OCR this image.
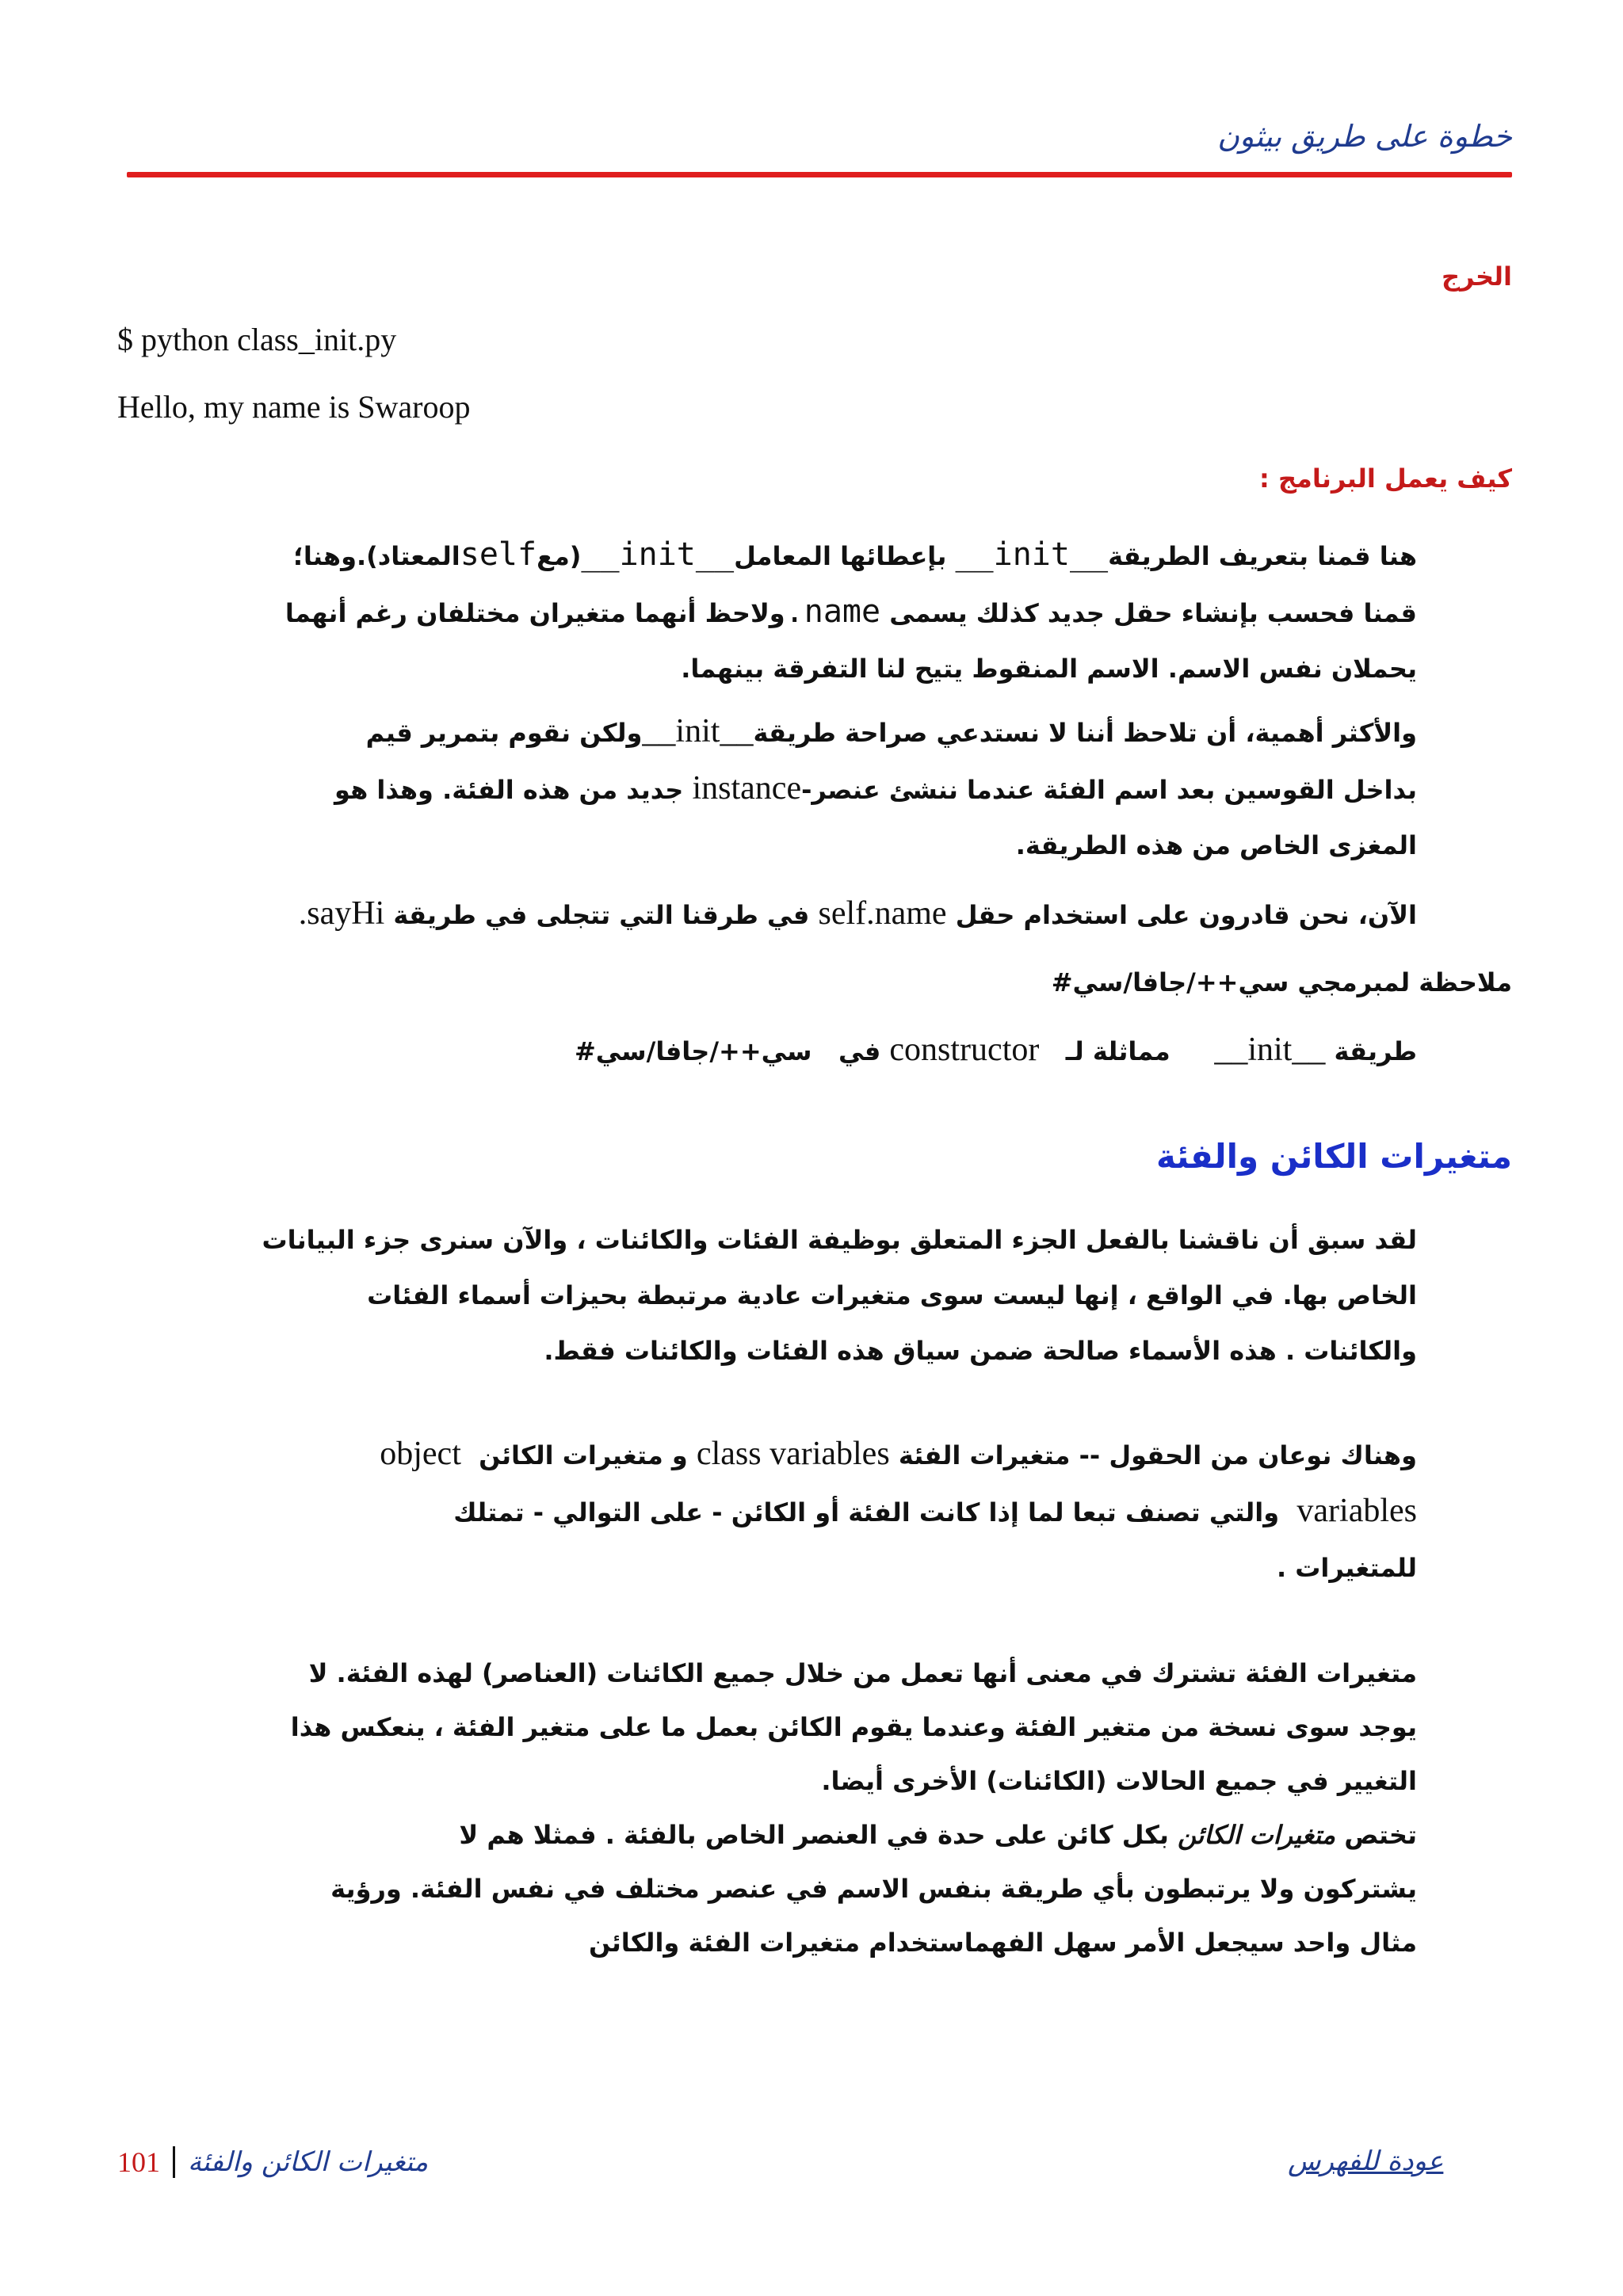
خطوة على طريق بيثون
الخرج
$ python class_init.py
Hello, my name is Swaroop
كيف يعمل البرنامج :
هنا قمنا بتعريف الطريقة__init__ بإعطائها المعامل__init__(معselfالمعتاد).وهنا؛
قمنا فحسب بإنشاء حقل جديد كذلك يسمى name.ولاحظ أنهما متغيران مختلفان رغم أنهما
يحملان نفس الاسم. الاسم المنقوط يتيح لنا التفرقة بينهما.
والأكثر أهمية، أن تلاحظ أننا لا نستدعي صراحة طريقة__init__ولكن نقوم بتمرير قيم
بداخل القوسين بعد اسم الفئة عندما ننشئ عنصر-instance جديد من هذه الفئة. وهذا هو
المغزى الخاص من هذه الطريقة.
الآن، نحن قادرون على استخدام حقل self.name في طرقنا التي تتجلى في طريقة sayHi.
ملاحظة لمبرمجي سي++/جافا/سي#
طريقة __init__     مماثلة لـ   constructor في   سي++/جافا/سي#
متغيرات الكائن والفئة
لقد سبق أن ناقشنا بالفعل الجزء المتعلق بوظيفة الفئات والكائنات ، والآن سنرى جزء البيانات
الخاص بها. في الواقع ، إنها ليست سوى متغيرات عادية مرتبطة بحيزات أسماء الفئات
والكائنات . هذه الأسماء صالحة ضمن سياق هذه الفئات والكائنات فقط.
وهناك نوعان من الحقول -- متغيرات الفئة class variables و متغيرات الكائن  object
variables  والتي تصنف تبعا لما إذا كانت الفئة أو الكائن - على التوالي - تمتلك
للمتغيرات .
متغيرات الفئة تشترك في معنى أنها تعمل من خلال جميع الكائنات (العناصر) لهذه الفئة. لا
يوجد سوى نسخة من متغير الفئة وعندما يقوم الكائن بعمل ما على متغير الفئة ، ينعكس هذا
التغيير في جميع الحالات (الكائنات) الأخرى أيضا.
تختص متغيرات الكائن بكل كائن على حدة في العنصر الخاص بالفئة . فمثلا هم لا
يشتركون ولا يرتبطون بأي طريقة بنفس الاسم في عنصر مختلف في نفس الفئة. ورؤية
مثال واحد سيجعل الأمر سهل الفهماستخدام متغيرات الفئة والكائن
101 متغيرات الكائن والفئة	عودة للفهرس
